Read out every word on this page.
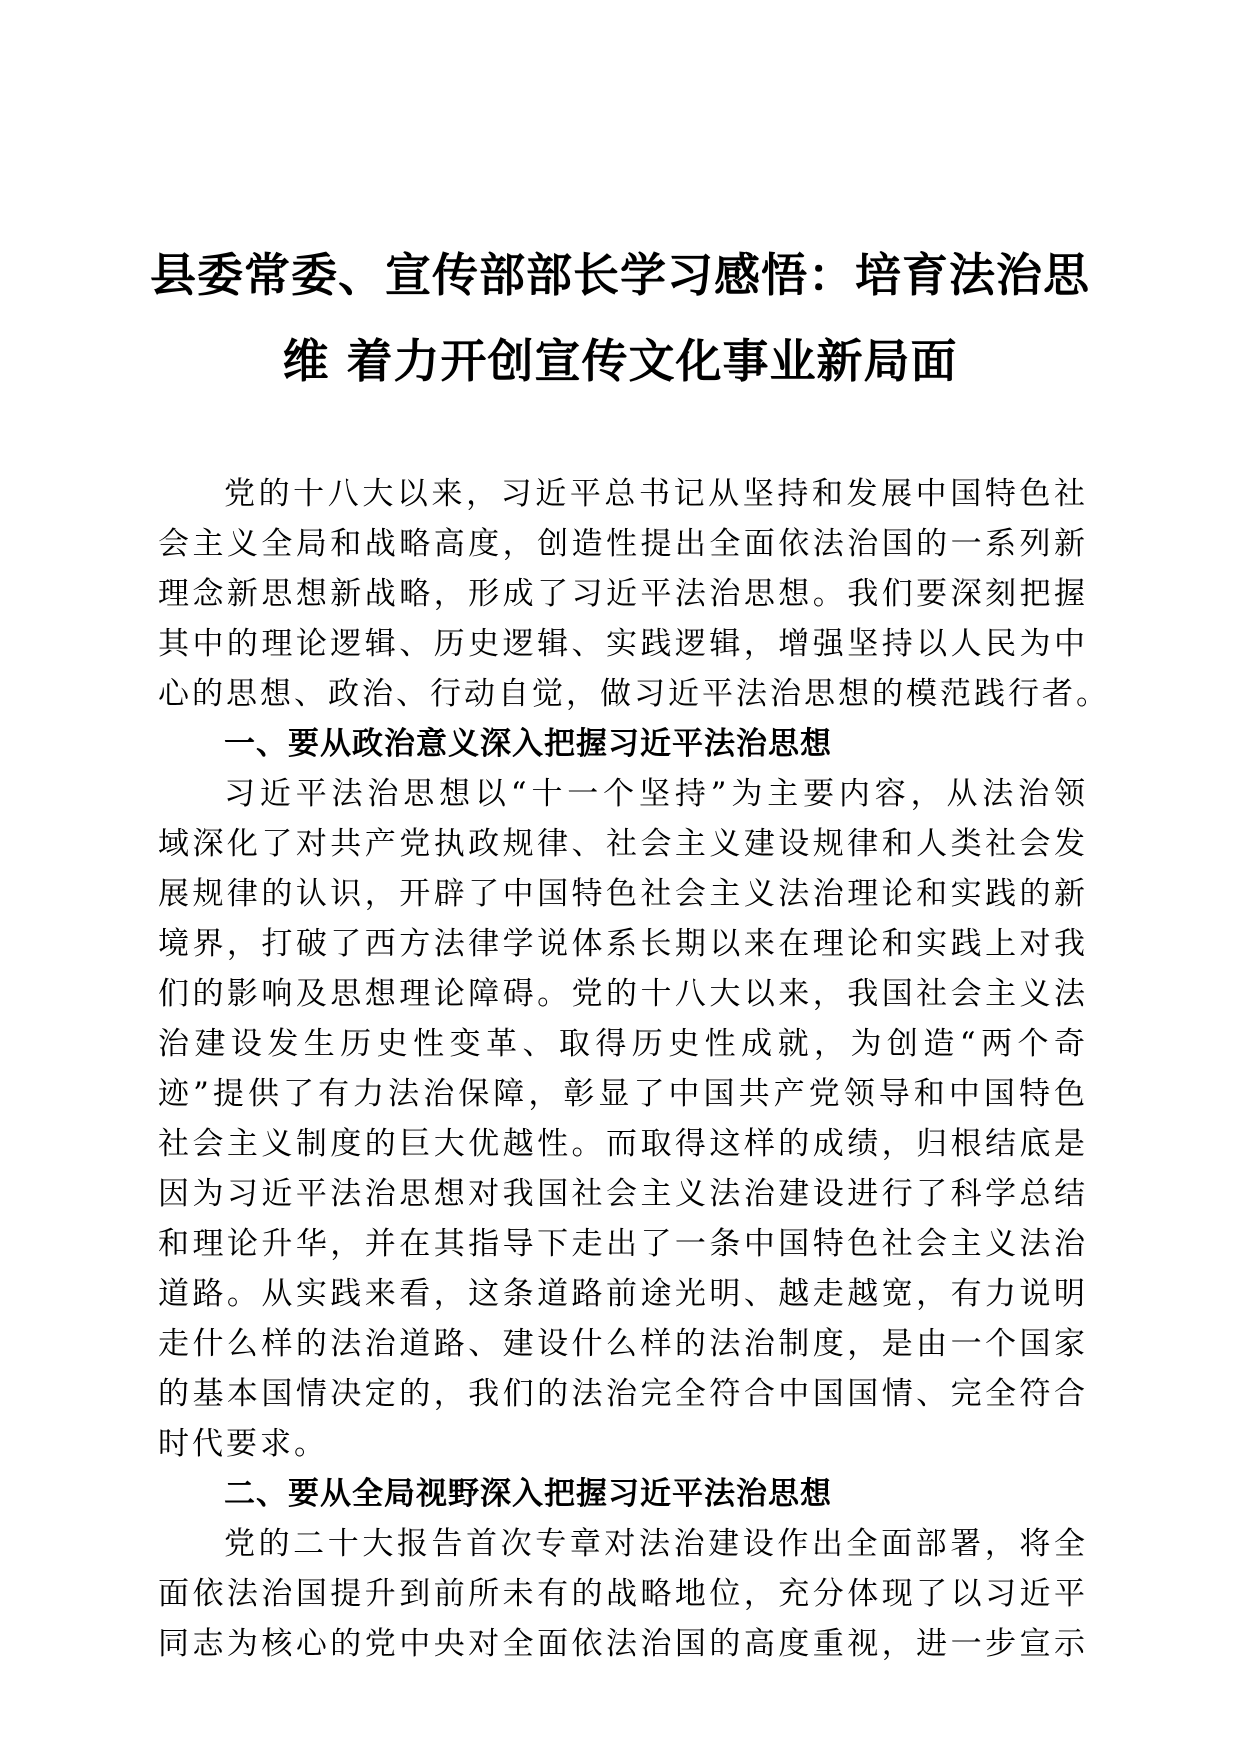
县委常委、宣传部部长学习感悟：培育法治思
维 着力开创宣传文化事业新局面

党的十八大以来，习近平总书记从坚持和发展中国特色社
会主义全局和战略高度，创造性提出全面依法治国的一系列新
理念新思想新战略，形成了习近平法治思想。我们要深刻把握
其中的理论逻辑、历史逻辑、实践逻辑，增强坚持以人民为中
心的思想、政治、行动自觉，做习近平法治思想的模范践行者。

一、要从政治意义深入把握习近平法治思想

习近平法治思想以“十一个坚持”为主要内容，从法治领
域深化了对共产党执政规律、社会主义建设规律和人类社会发
展规律的认识，开辟了中国特色社会主义法治理论和实践的新
境界，打破了西方法律学说体系长期以来在理论和实践上对我
们的影响及思想理论障碍。党的十八大以来，我国社会主义法
治建设发生历史性变革、取得历史性成就，为创造“两个奇
迹”提供了有力法治保障，彰显了中国共产党领导和中国特色
社会主义制度的巨大优越性。而取得这样的成绩，归根结底是
因为习近平法治思想对我国社会主义法治建设进行了科学总结
和理论升华，并在其指导下走出了一条中国特色社会主义法治
道路。从实践来看，这条道路前途光明、越走越宽，有力说明
走什么样的法治道路、建设什么样的法治制度，是由一个国家
的基本国情决定的，我们的法治完全符合中国国情、完全符合
时代要求。

二、要从全局视野深入把握习近平法治思想

党的二十大报告首次专章对法治建设作出全面部署，将全
面依法治国提升到前所未有的战略地位，充分体现了以习近平
同志为核心的党中央对全面依法治国的高度重视，进一步宣示
